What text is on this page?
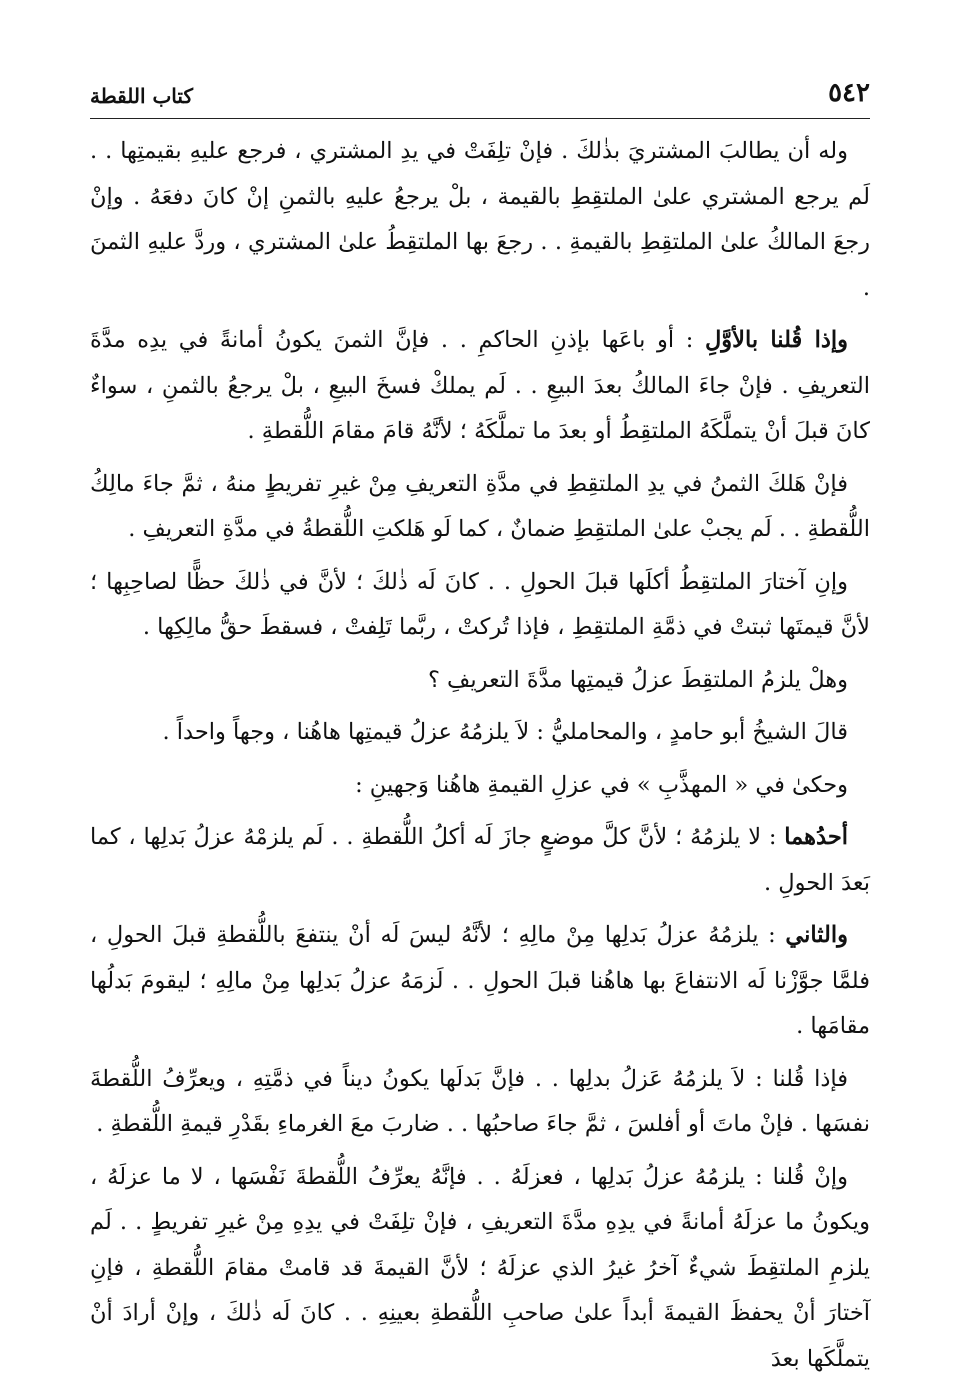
٥٤٢
كتاب اللقطة

وله أن يطالبَ المشتريَ بذٰلكَ . فإنْ تلِفَتْ في يدِ المشتري ، فرجع عليهِ بقيمتِها . . لَم يرجع المشتري علىٰ الملتقِطِ بالقيمة ، بلْ يرجعُ عليهِ بالثمنِ إنْ كانَ دفعَهُ . وإنْ رجعَ المالكُ علىٰ الملتقِطِ بالقيمةِ . . رجعَ بها الملتقِطُ علىٰ المشتري ، وردَّ عليهِ الثمنَ .

وإذا قُلنا بالأوَّلِ : أو باعَها بإذنِ الحاكمِ . . فإنَّ الثمنَ يكونُ أمانةً في يدِه مدَّةَ التعريفِ . فإنْ جاءَ المالكُ بعدَ البيعِ . . لَم يملكْ فسخَ البيعِ ، بلْ يرجعُ بالثمنِ ، سواءٌ كانَ قبلَ أنْ يتملَّكَهُ الملتقِطُ أو بعدَ ما تملَّكَهُ ؛ لأنَّهُ قامَ مقامَ اللُّقطةِ .

فإنْ هَلكَ الثمنُ في يدِ الملتقِطِ في مدَّةِ التعريفِ مِنْ غيرِ تفريطٍ منهُ ، ثمَّ جاءَ مالِكُ اللُّقطةِ . . لَم يجبْ علىٰ الملتقِطِ ضمانٌ ، كما لَو هَلكتِ اللُّقطةُ في مدَّةِ التعريفِ .

وإنِ آختارَ الملتقِطُ أكلَها قبلَ الحولِ . . كانَ لَه ذٰلكَ ؛ لأنَّ في ذٰلكَ حظًّا لصاحِبِها ؛ لأنَّ قيمتَها ثبتتْ في ذمَّةِ الملتقِطِ ، فإذا تُركتْ ، ربَّما تَلِفتْ ، فسقطَ حقُّ مالِكِها .

وهلْ يلزمُ الملتقِطَ عزلُ قيمتِها مدَّةَ التعريفِ ؟

قالَ الشيخُ أبو حامدٍ ، والمحامليُّ : لاَ يلزمُهُ عزلُ قيمتِها هاهُنا ، وجهاً واحداً .

وحكىٰ في « المهذَّبِ » في عزلِ القيمةِ هاهُنا وَجهينِ :

أحدُهما : لا يلزمُهُ ؛ لأنَّ كلَّ موضعٍ جازَ لَه أكلُ اللُّقطةِ . . لَم يلزمْهُ عزلُ بَدلِها ، كما بَعدَ الحولِ .

والثاني : يلزمُهُ عزلُ بَدلِها مِنْ مالِهِ ؛ لأنَّهُ ليسَ لَه أنْ ينتفعَ باللُّقطةِ قبلَ الحولِ ، فلمَّا جوَّزْنا لَه الانتفاعَ بها هاهُنا قبلَ الحولِ . . لَزمَهُ عزلُ بَدلِها مِنْ مالِهِ ؛ ليقومَ بَدلُها مقامَها .

فإذا قُلنا : لاَ يلزمُهُ عَزلُ بدلِها . . فإنَّ بَدلَها يكونُ ديناً في ذمَّتِهِ ، ويعرِّفُ اللُّقطةَ نفسَها . فإنْ ماتَ أو أفلسَ ، ثمَّ جاءَ صاحبُها . . ضاربَ معَ الغرماءِ بقَدْرِ قيمةِ اللُّقطةِ .

وإنْ قُلنا : يلزمُهُ عزلُ بَدلِها ، فعزلَهُ . . فإنَّهُ يعرِّفُ اللُّقطةَ نَفْسَها ، لا ما عزلَهُ ، ويكونُ ما عزلَهُ أمانةً في يدِهِ مدَّةَ التعريفِ ، فإنْ تلِفَتْ في يدِهِ مِنْ غيرِ تفريطٍ . . لَم يلزمِ الملتقِطَ شيءٌ آخرُ غيرُ الذي عزلَهُ ؛ لأنَّ القيمةَ قد قامتْ مقامَ اللُّقطةِ ، فإنِ آختارَ أنْ يحفظَ القيمةَ أبداً علىٰ صاحبِ اللُّقطةِ بعينِهِ . . كانَ لَه ذٰلكَ ، وإنْ أرادَ أنْ يتملَّكَها بعدَ
